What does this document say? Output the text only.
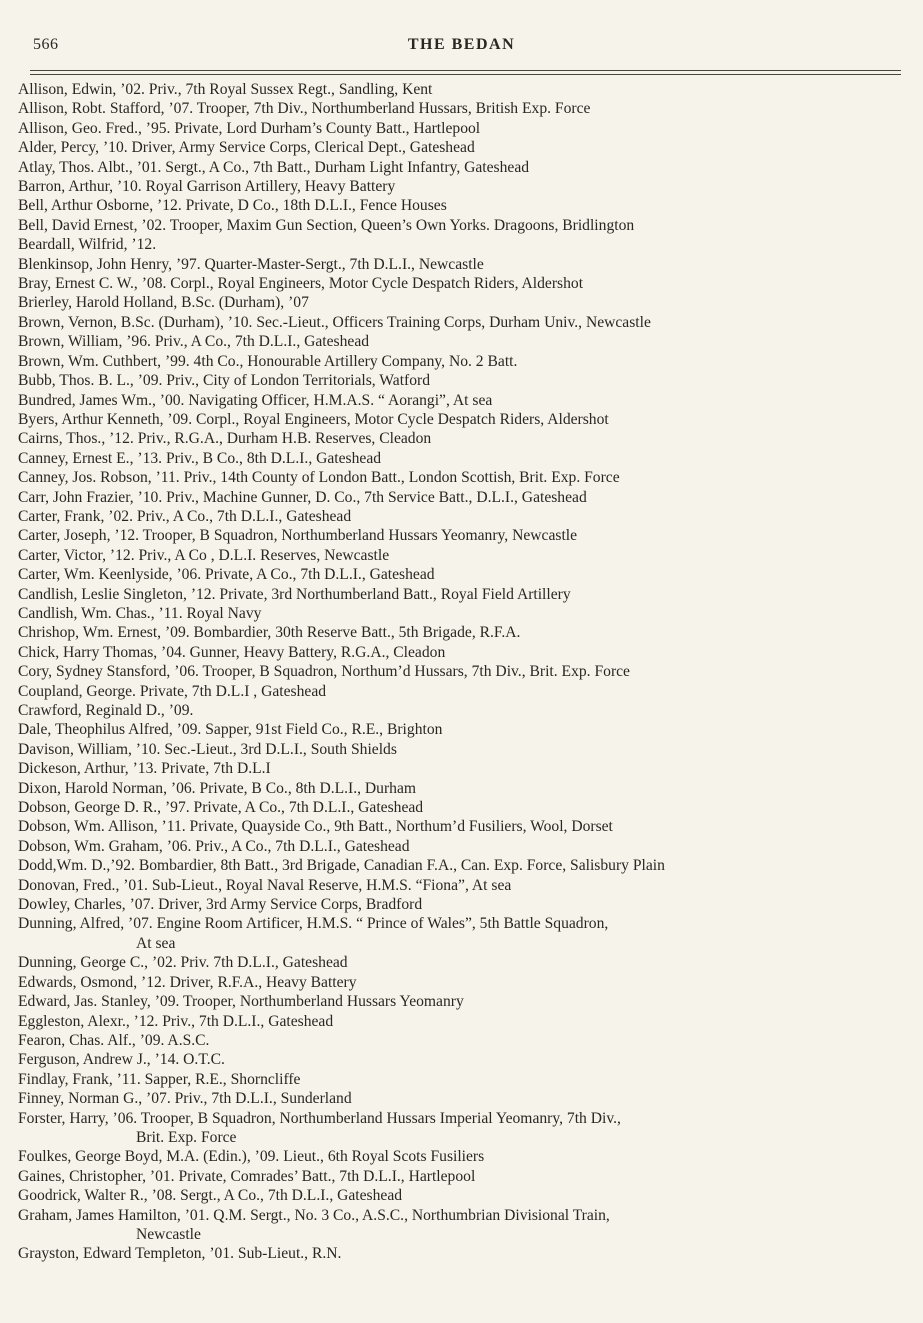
566	THE BEDAN
Allison, Edwin, ’02. Priv., 7th Royal Sussex Regt., Sandling, Kent
Allison, Robt. Stafford, ’07. Trooper, 7th Div., Northumberland Hussars, British Exp. Force
Allison, Geo. Fred., ’95. Private, Lord Durham’s County Batt., Hartlepool
Alder, Percy, ’10. Driver, Army Service Corps, Clerical Dept., Gateshead
Atlay, Thos. Albt., ’01. Sergt., A Co., 7th Batt., Durham Light Infantry, Gateshead
Barron, Arthur, ’10. Royal Garrison Artillery, Heavy Battery
Bell, Arthur Osborne, ’12. Private, D Co., 18th D.L.I., Fence Houses
Bell, David Ernest, ’02. Trooper, Maxim Gun Section, Queen’s Own Yorks. Dragoons, Bridlington
Beardall, Wilfrid, ’12.
Blenkinsop, John Henry, ’97. Quarter-Master-Sergt., 7th D.L.I., Newcastle
Bray, Ernest C. W., ’08. Corpl., Royal Engineers, Motor Cycle Despatch Riders, Aldershot
Brierley, Harold Holland, B.Sc. (Durham), ’07
Brown, Vernon, B.Sc. (Durham), ’10. Sec.-Lieut., Officers Training Corps, Durham Univ., Newcastle
Brown, William, ’96. Priv., A Co., 7th D.L.I., Gateshead
Brown, Wm. Cuthbert, ’99. 4th Co., Honourable Artillery Company, No. 2 Batt.
Bubb, Thos. B. L., ’09. Priv., City of London Territorials, Watford
Bundred, James Wm., ’00. Navigating Officer, H.M.A.S. “ Aorangi”, At sea
Byers, Arthur Kenneth, ’09. Corpl., Royal Engineers, Motor Cycle Despatch Riders, Aldershot
Cairns, Thos., ’12. Priv., R.G.A., Durham H.B. Reserves, Cleadon
Canney, Ernest E., ’13. Priv., B Co., 8th D.L.I., Gateshead
Canney, Jos. Robson, ’11. Priv., 14th County of London Batt., London Scottish, Brit. Exp. Force
Carr, John Frazier, ’10. Priv., Machine Gunner, D. Co., 7th Service Batt., D.L.I., Gateshead
Carter, Frank, ’02. Priv., A Co., 7th D.L.I., Gateshead
Carter, Joseph, ’12. Trooper, B Squadron, Northumberland Hussars Yeomanry, Newcastle
Carter, Victor, ’12. Priv., A Co , D.L.I. Reserves, Newcastle
Carter, Wm. Keenlyside, ’06. Private, A Co., 7th D.L.I., Gateshead
Candlish, Leslie Singleton, ’12. Private, 3rd Northumberland Batt., Royal Field Artillery
Candlish, Wm. Chas., ’11. Royal Navy
Chrishop, Wm. Ernest, ’09. Bombardier, 30th Reserve Batt., 5th Brigade, R.F.A.
Chick, Harry Thomas, ’04. Gunner, Heavy Battery, R.G.A., Cleadon
Cory, Sydney Stansford, ’06. Trooper, B Squadron, Northum’d Hussars, 7th Div., Brit. Exp. Force
Coupland, George. Private, 7th D.L.I , Gateshead
Crawford, Reginald D., ’09.
Dale, Theophilus Alfred, ’09. Sapper, 91st Field Co., R.E., Brighton
Davison, William, ’10. Sec.-Lieut., 3rd D.L.I., South Shields
Dickeson, Arthur, ’13. Private, 7th D.L.I
Dixon, Harold Norman, ’06. Private, B Co., 8th D.L.I., Durham
Dobson, George D. R., ’97. Private, A Co., 7th D.L.I., Gateshead
Dobson, Wm. Allison, ’11. Private, Quayside Co., 9th Batt., Northum’d Fusiliers, Wool, Dorset
Dobson, Wm. Graham, ’06. Priv., A Co., 7th D.L.I., Gateshead
Dodd,Wm. D.,’92. Bombardier, 8th Batt., 3rd Brigade, Canadian F.A., Can. Exp. Force, Salisbury Plain
Donovan, Fred., ’01. Sub-Lieut., Royal Naval Reserve, H.M.S. “Fiona”, At sea
Dowley, Charles, ’07. Driver, 3rd Army Service Corps, Bradford
Dunning, Alfred, ’07. Engine Room Artificer, H.M.S. “ Prince of Wales”, 5th Battle Squadron,
At sea
Dunning, George C., ’02. Priv. 7th D.L.I., Gateshead
Edwards, Osmond, ’12. Driver, R.F.A., Heavy Battery
Edward, Jas. Stanley, ’09. Trooper, Northumberland Hussars Yeomanry
Eggleston, Alexr., ’12. Priv., 7th D.L.I., Gateshead
Fearon, Chas. Alf., ’09. A.S.C.
Ferguson, Andrew J., ’14. O.T.C.
Findlay, Frank, ’11. Sapper, R.E., Shorncliffe
Finney, Norman G., ’07. Priv., 7th D.L.I., Sunderland
Forster, Harry, ’06. Trooper, B Squadron, Northumberland Hussars Imperial Yeomanry, 7th Div.,
Brit. Exp. Force
Foulkes, George Boyd, M.A. (Edin.), ’09. Lieut., 6th Royal Scots Fusiliers
Gaines, Christopher, ’01. Private, Comrades’ Batt., 7th D.L.I., Hartlepool
Goodrick, Walter R., ’08. Sergt., A Co., 7th D.L.I., Gateshead
Graham, James Hamilton, ’01. Q.M. Sergt., No. 3 Co., A.S.C., Northumbrian Divisional Train,
Newcastle
Grayston, Edward Templeton, ’01. Sub-Lieut., R.N.
